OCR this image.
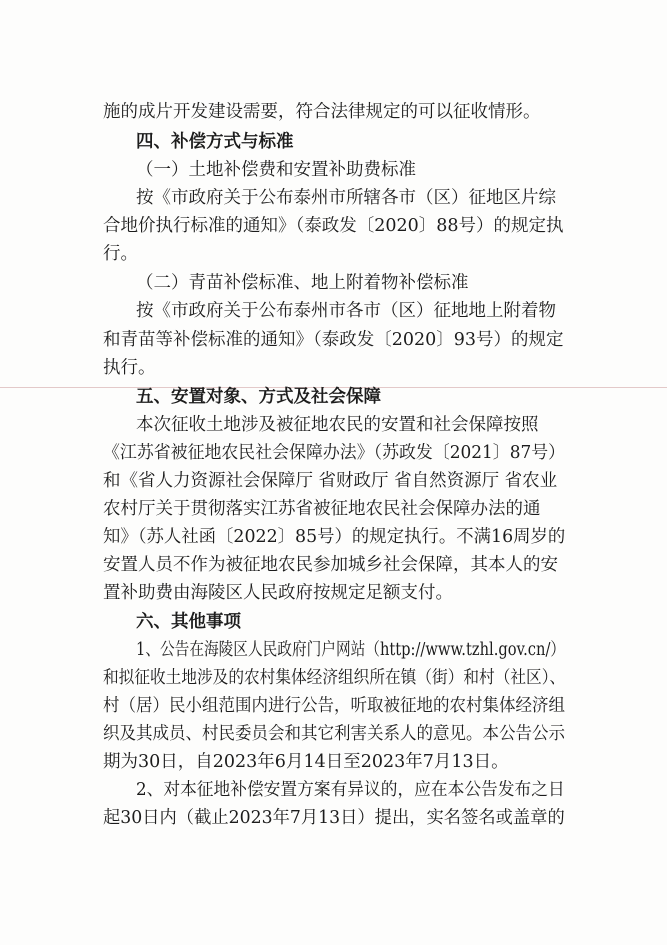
施的成片开发建设需要，符合法律规定的可以征收情形。
四、补偿方式与标准
（一）土地补偿费和安置补助费标准
按《市政府关于公布泰州市所辖各市（区）征地区片综
合地价执行标准的通知》（泰政发〔2020〕88号）的规定执
行。
（二）青苗补偿标准、地上附着物补偿标准
按《市政府关于公布泰州市各市（区）征地地上附着物
和青苗等补偿标准的通知》（泰政发〔2020〕93号）的规定
执行。
五、安置对象、方式及社会保障
本次征收土地涉及被征地农民的安置和社会保障按照
《江苏省被征地农民社会保障办法》（苏政发〔2021〕87号）
和《省人力资源社会保障厅 省财政厅 省自然资源厅 省农业
农村厅关于贯彻落实江苏省被征地农民社会保障办法的通
知》（苏人社函〔2022〕85号）的规定执行。不满16周岁的
安置人员不作为被征地农民参加城乡社会保障，其本人的安
置补助费由海陵区人民政府按规定足额支付。
六、其他事项
1、公告在海陵区人民政府门户网站（http://www.tzhl.gov.cn/）
和拟征收土地涉及的农村集体经济组织所在镇（街）和村（社区）、
村（居）民小组范围内进行公告，听取被征地的农村集体经济组
织及其成员、村民委员会和其它利害关系人的意见。本公告公示
期为30日，自2023年6月14日至2023年7月13日。
2、对本征地补偿安置方案有异议的，应在本公告发布之日
起30日内（截止2023年7月13日）提出，实名签名或盖章的
